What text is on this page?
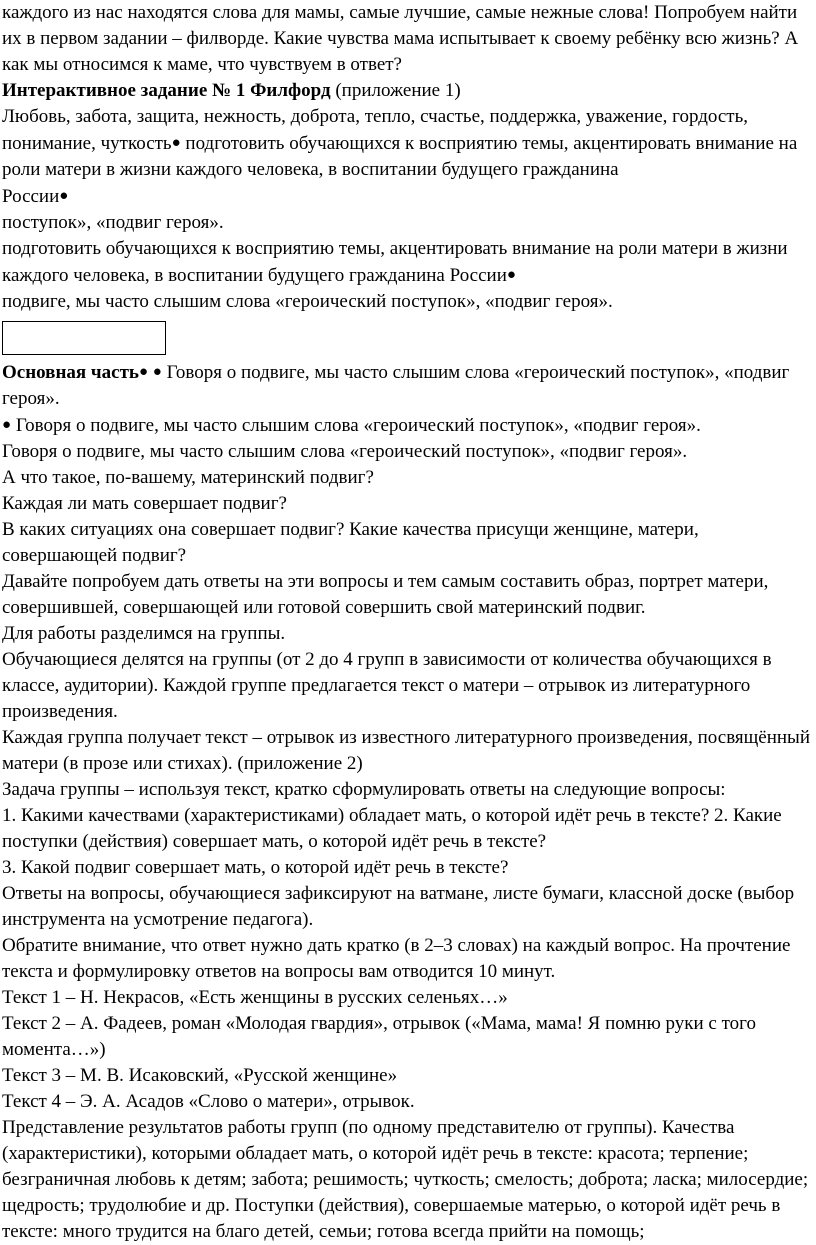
каждого из нас находятся слова для мамы, самые лучшие, самые нежные слова! Попробуем найти их в первом задании – филворде. Какие чувства мама испытывает к своему ребёнку всю жизнь? А как мы относимся к маме, что чувствуем в ответ?

Интерактивное задание № 1 Филфорд (приложение 1)

Любовь, забота, защита, нежность, доброта, тепло, счастье, поддержка, уважение, гордость, понимание, чуткость● подготовить обучающихся к восприятию темы, акцентировать внимание на роли матери в жизни каждого человека, в воспитании будущего гражданина

России●

поступок», «подвиг героя».

подготовить обучающихся к восприятию темы, акцентировать внимание на роли матери в жизни каждого человека, в воспитании будущего гражданина России●

подвиге, мы часто слышим слова «героический поступок», «подвиг героя».

Основная часть● ● Говоря о подвиге, мы часто слышим слова «героический поступок», «подвиг героя».

● Говоря о подвиге, мы часто слышим слова «героический поступок», «подвиг героя».

Говоря о подвиге, мы часто слышим слова «героический поступок», «подвиг героя».

А что такое, по-вашему, материнский подвиг?

Каждая ли мать совершает подвиг?

В каких ситуациях она совершает подвиг? Какие качества присущи женщине, матери, совершающей подвиг?

Давайте попробуем дать ответы на эти вопросы и тем самым составить образ, портрет матери, совершившей, совершающей или готовой совершить свой материнский подвиг.

Для работы разделимся на группы.

Обучающиеся делятся на группы (от 2 до 4 групп в зависимости от количества обучающихся в классе, аудитории). Каждой группе предлагается текст о матери – отрывок из литературного произведения.

Каждая группа получает текст – отрывок из известного литературного произведения, посвящённый матери (в прозе или стихах). (приложение 2)

Задача группы – используя текст, кратко сформулировать ответы на следующие вопросы:

1. Какими качествами (характеристиками) обладает мать, о которой идёт речь в тексте? 2. Какие поступки (действия) совершает мать, о которой идёт речь в тексте?

3. Какой подвиг совершает мать, о которой идёт речь в тексте?

Ответы на вопросы, обучающиеся зафиксируют на ватмане, листе бумаги, классной доске (выбор инструмента на усмотрение педагога).

Обратите внимание, что ответ нужно дать кратко (в 2–3 словах) на каждый вопрос. На прочтение текста и формулировку ответов на вопросы вам отводится 10 минут.

Текст 1 – Н. Некрасов, «Есть женщины в русских селеньях…»

Текст 2 – А. Фадеев, роман «Молодая гвардия», отрывок («Мама, мама! Я помню руки с того момента…»)

Текст 3 – М. В. Исаковский, «Русской женщине»

Текст 4 – Э. А. Асадов «Слово о матери», отрывок.

Представление результатов работы групп (по одному представителю от группы). Качества (характеристики), которыми обладает мать, о которой идёт речь в тексте: красота; терпение; безграничная любовь к детям; забота; решимость; чуткость; смелость; доброта; ласка; милосердие; щедрость; трудолюбие и др. Поступки (действия), совершаемые матерью, о которой идёт речь в тексте: много трудится на благо детей, семьи; готова всегда прийти на помощь;
